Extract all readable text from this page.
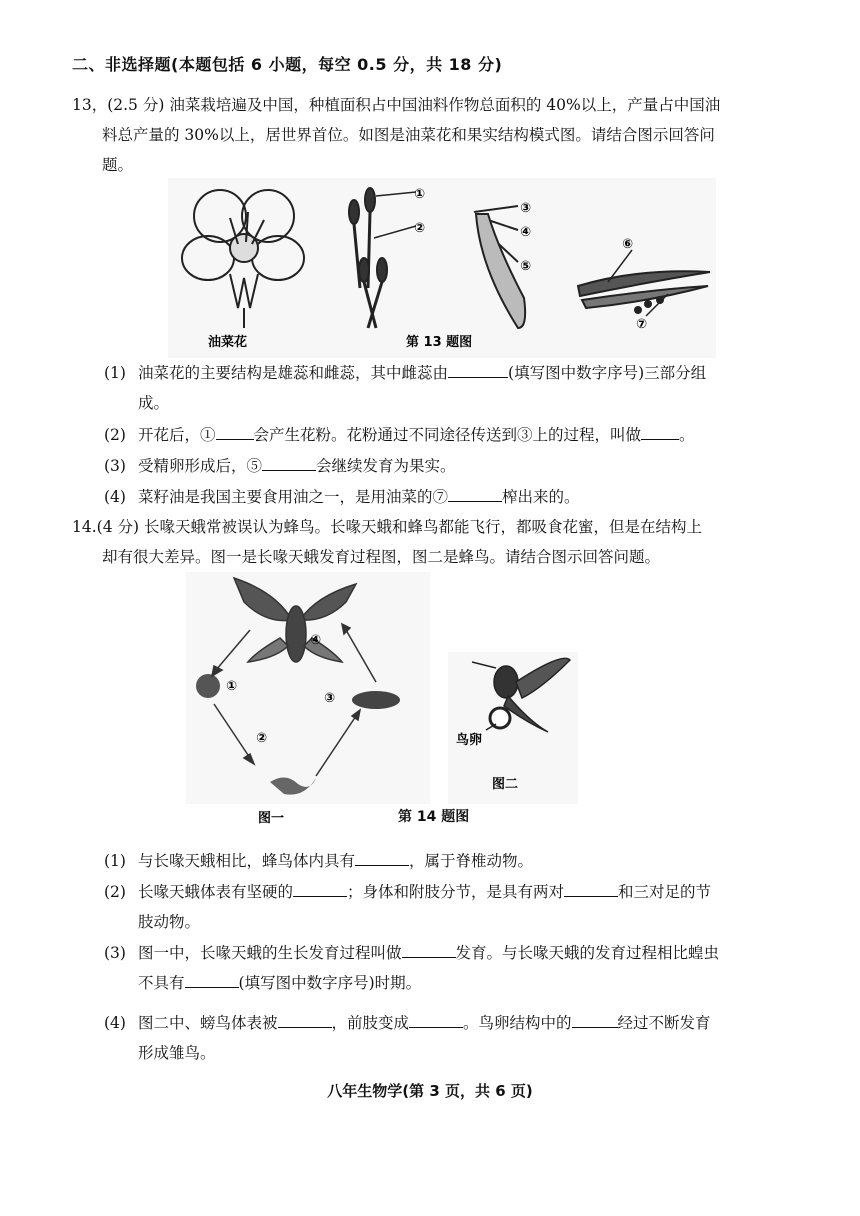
二、非选择题(本题包括 6 小题，每空 0.5 分，共 18 分)
13，(2.5 分) 油菜栽培遍及中国，种植面积占中国油料作物总面积的 40%以上，产量占中国油
料总产量的 30%以上，居世界首位。如图是油菜花和果实结构模式图。请结合图示回答问
题。
油菜花
①
②
③
④
⑤
⑥
⑦
第 13 题图
(1) 油菜花的主要结构是雄蕊和雌蕊，其中雌蕊由	(填写图中数字序号)三部分组
成。
(2) 开花后，① 会产生花粉。花粉通过不同途径传送到③上的过程，叫做 。
(3) 受精卵形成后，⑤	会继续发育为果实。
(4) 菜籽油是我国主要食用油之一，是用油菜的⑦	榨出来的。
14.(4 分) 长喙天蛾常被误认为蜂鸟。长喙天蛾和蜂鸟都能飞行，都吸食花蜜，但是在结构上
却有很大差异。图一是长喙天蛾发育过程图，图二是蜂鸟。请结合图示回答问题。
④
①
②
③
图一
鸟卵
图二
第 14 题图
(1) 与长喙天蛾相比，蜂鸟体内具有	，属于脊椎动物。
(2) 长喙天蛾体表有坚硬的	；身体和附肢分节，是具有两对	和三对足的节
肢动物。
(3) 图一中，长喙天蛾的生长发育过程叫做	发育。与长喙天蛾的发育过程相比蝗虫
不具有	(填写图中数字序号)时期。
(4) 图二中、螃鸟体表被	，前肢变成	。鸟卵结构中的	经过不断发育
形成雏鸟。
八年生物学(第 3 页，共 6 页)
